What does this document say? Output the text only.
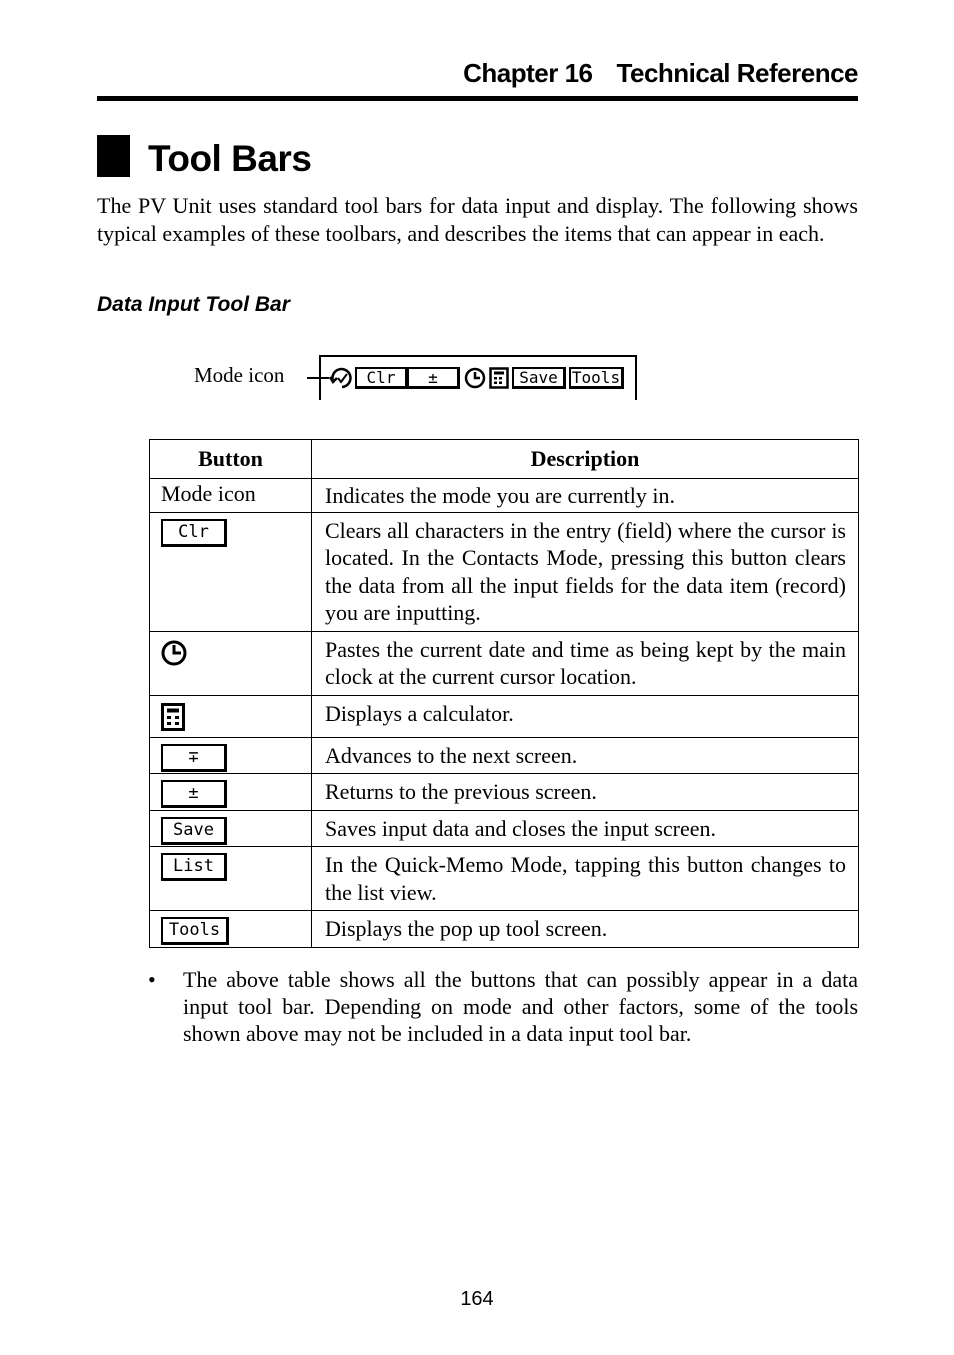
Chapter 16 Technical Reference
Tool Bars

The PV Unit uses standard tool bars for data input and display. The following shows typical examples of these toolbars, and describes the items that can appear in each.

Data Input Tool Bar
Mode icon	Clr	±	Save Tools
Button	Description
Mode icon	Indicates the mode you are currently in.
Clr	Clears all characters in the entry (field) where the cursor is located. In the Contacts Mode, pressing this button clears the data from all the input fields for the data item (record) you are inputting.
	Pastes the current date and time as being kept by the main clock at the current cursor location.
	Displays a calculator.
∓	Advances to the next screen.
±	Returns to the previous screen.
Save	Saves input data and closes the input screen.
List	In the Quick-Memo Mode, tapping this button changes to the list view.
Tools	Displays the pop up tool screen.
• The above table shows all the buttons that can possibly appear in a data input tool bar. Depending on mode and other factors, some of the tools shown above may not be included in a data input tool bar.

164
